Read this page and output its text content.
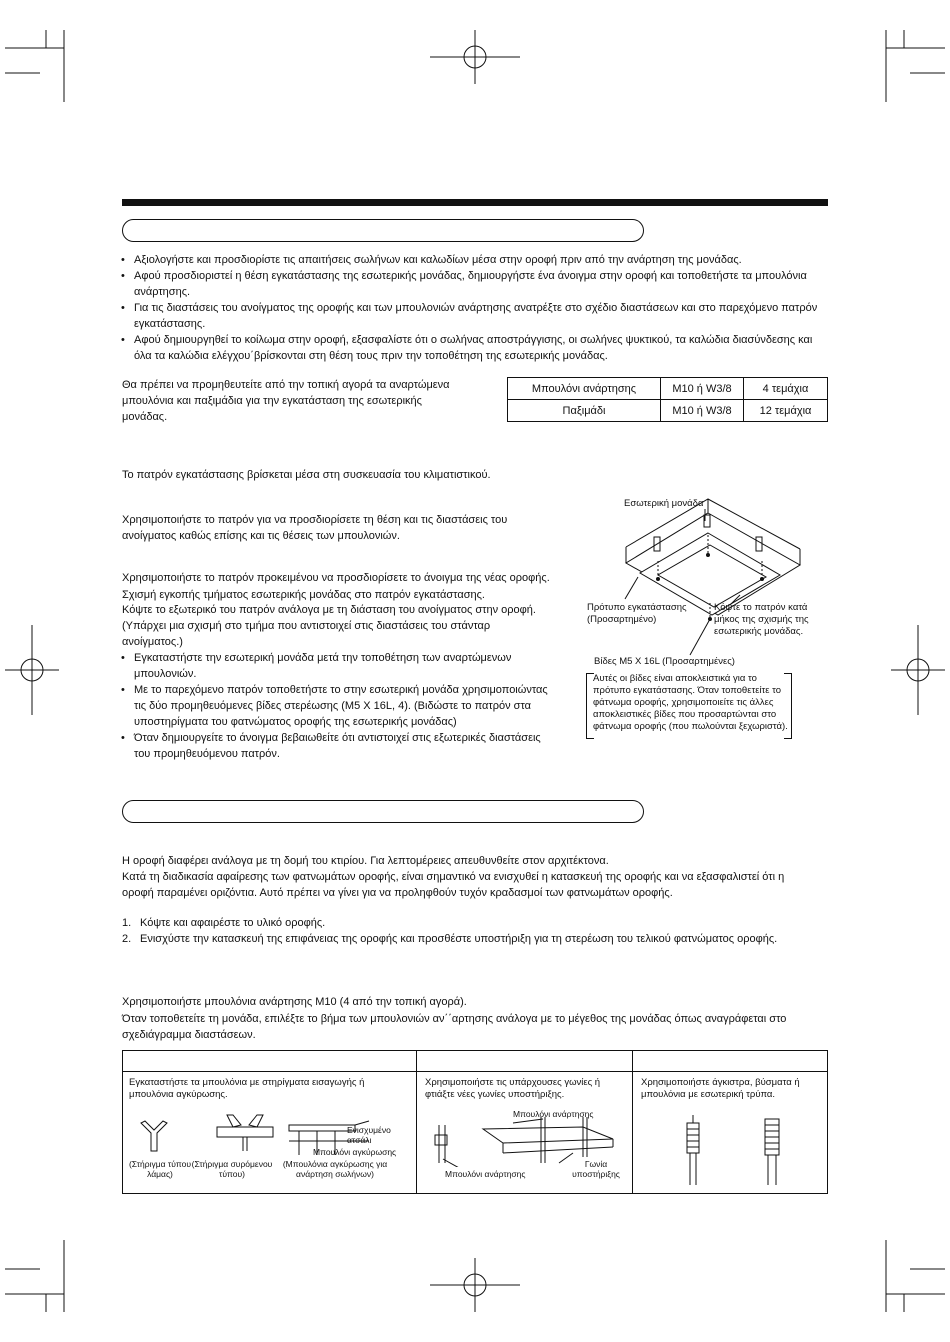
• Αξιολογήστε και προσδιορίστε τις απαιτήσεις σωλήνων και καλωδίων μέσα στην οροφή πριν από την ανάρτηση της μονάδας.
• Αφού προσδιοριστεί η θέση εγκατάστασης της εσωτερικής μονάδας, δημιουργήστε ένα άνοιγμα στην οροφή και τοποθετήστε τα μπουλόνια ανάρτησης.
• Για τις διαστάσεις του ανοίγματος της οροφής και των μπουλονιών ανάρτησης ανατρέξτε στο σχέδιο διαστάσεων και στο παρεχόμενο πατρόν εγκατάστασης.
• Αφού δημιουργηθεί το κοίλωμα στην οροφή, εξασφαλίστε ότι ο σωλήνας αποστράγγισης, οι σωλήνες ψυκτικού, τα καλώδια διασύνδεσης και όλα τα καλώδια ελέγχου΄βρίσκονται στη θέση τους πριν την τοποθέτηση της εσωτερικής μονάδας.
Θα πρέπει να προμηθευτείτε από την τοπική αγορά τα αναρτώμενα μπουλόνια και παξιμάδια για την εγκατάσταση της εσωτερικής μονάδας.
Μπουλόνι ανάρτησης	M10 ή W3/8	4 τεμάχια
Παξιμάδι	M10 ή W3/8	12 τεμάχια
Το πατρόν εγκατάστασης βρίσκεται μέσα στη συσκευασία του κλιματιστικού.
Χρησιμοποιήστε το πατρόν για να προσδιορίσετε τη θέση και τις διαστάσεις του ανοίγματος καθώς επίσης και τις θέσεις των μπουλονιών.
Χρησιμοποιήστε το πατρόν προκειμένου να προσδιορίσετε το άνοιγμα της νέας οροφής.
Σχισμή εγκοπής τμήματος εσωτερικής μονάδας στο πατρόν εγκατάστασης.
Κόψτε το εξωτερικό του πατρόν ανάλογα με τη διάσταση του ανοίγματος στην οροφή. (Υπάρχει μια σχισμή στο τμήμα που αντιστοιχεί στις διαστάσεις του στάνταρ ανοίγματος.)
• Εγκαταστήστε την εσωτερική μονάδα μετά την τοποθέτηση των αναρτώμενων μπουλονιών.
• Με το παρεχόμενο πατρόν τοποθετήστε το στην εσωτερική μονάδα χρησιμοποιώντας τις δύο προμηθευόμενες βίδες στερέωσης (M5 X 16L, 4). (Βιδώστε το πατρόν στα υποστηρίγματα του φατνώματος οροφής της εσωτερικής μονάδας)
• Όταν δημιουργείτε το άνοιγμα βεβαιωθείτε ότι αντιστοιχεί στις εξωτερικές διαστάσεις του προμηθευόμενου πατρόν.
Εσωτερική μονάδα
Πρότυπο εγκατάστασης (Προσαρτημένο)
Κόψτε το πατρόν κατά μήκος της σχισμής της εσωτερικής μονάδας.
Βίδες M5 X 16L (Προσαρτημένες)
Αυτές οι βίδες είναι αποκλειστικά για το πρότυπο εγκατάστασης. Όταν τοποθετείτε το φάτνωμα οροφής, χρησιμοποιείτε τις άλλες αποκλειστικές βίδες που προσαρτώνται στο φάτνωμα οροφής (που πωλούνται ξεχωριστά).
Η οροφή διαφέρει ανάλογα με τη δομή του κτιρίου. Για λεπτομέρειες απευθυνθείτε στον αρχιτέκτονα.
Κατά τη διαδικασία αφαίρεσης των φατνωμάτων οροφής, είναι σημαντικό να ενισχυθεί η κατασκευή της οροφής και να εξασφαλιστεί ότι η οροφή παραμένει οριζόντια. Αυτό πρέπει να γίνει για να προληφθούν τυχόν κραδασμοί των φατνωμάτων οροφής.
1. Κόψτε και αφαιρέστε το υλικό οροφής.
2. Ενισχύστε την κατασκευή της επιφάνειας της οροφής και προσθέστε υποστήριξη για τη στερέωση του τελικού φατνώματος οροφής.
Χρησιμοποιήστε μπουλόνια ανάρτησης M10 (4 από την τοπική αγορά).
Όταν τοποθετείτε τη μονάδα, επιλέξτε το βήμα των μπουλονιών αν΄΄αρτησης ανάλογα με το μέγεθος της μονάδας όπως αναγράφεται στο σχεδιάγραμμα διαστάσεων.
Εγκαταστήστε τα μπουλόνια με στηρίγματα εισαγωγής ή μπουλόνια αγκύρωσης.
Ενισχυμένο ατσάλι
Μπουλόνι αγκύρωσης
(Στήριγμα τύπου λάμας)
(Στήριγμα συρόμενου τύπου)
(Μπουλόνια αγκύρωσης για ανάρτηση σωλήνων)
Χρησιμοποιήστε τις υπάρχουσες γωνίες ή φτιάξτε νέες γωνίες υποστήριξης.
Μπουλόνι ανάρτησης
Μπουλόνι ανάρτησης
Γωνία υποστήριξης
Χρησιμοποιήστε άγκιστρα, βύσματα ή μπουλόνια με εσωτερική τρύπα.
